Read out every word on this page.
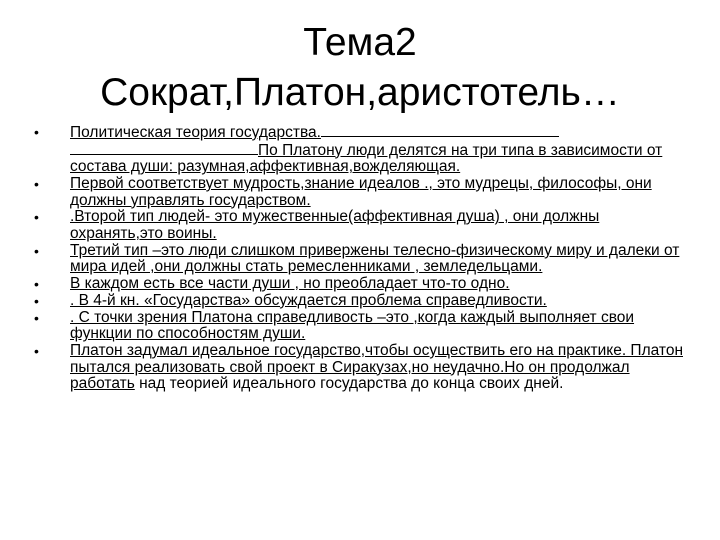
Тема2
Сократ,Платон,аристотель…
• Политическая теория государства.
По Платону люди делятся на три типа в зависимости от состава души: разумная,аффективная,вожделяющая.
• Первой соответствует мудрость,знание идеалов ., это мудрецы, философы, они должны управлять государством.
• .Второй тип людей- это мужественные(аффективная душа) , они должны охранять,это воины.
• Третий тип –это люди слишком привержены телесно-физическому миру и далеки от мира идей ,они должны стать ремесленниками , земледельцами.
• В каждом есть все части души , но преобладает что-то одно.
• . В 4-й кн. «Государства» обсуждается проблема справедливости.
• . С точки зрения Платона справедливость –это ,когда каждый выполняет свои функции по способностям души.
• Платон задумал идеальное государство,чтобы осуществить его на практике. Платон пытался реализовать свой проект в Сиракузах,но неудачно.Но он продолжал работать над теорией идеального государства до конца своих дней.
